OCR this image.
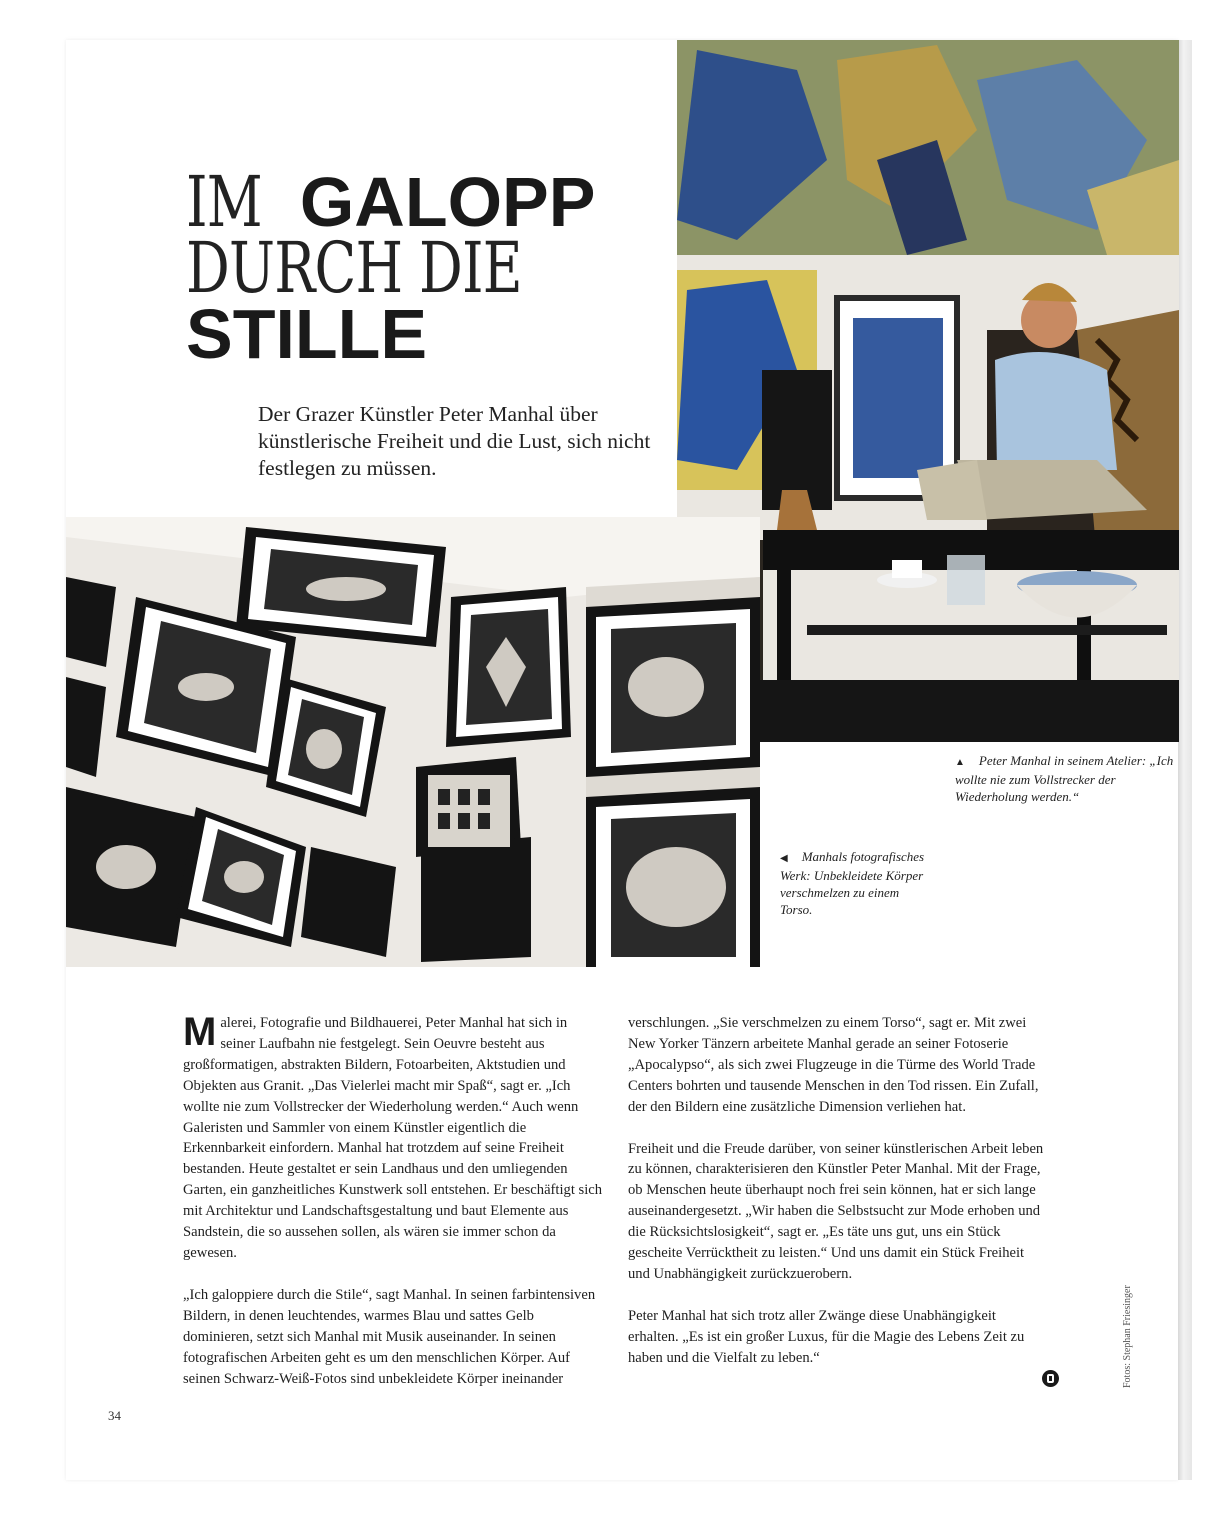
IM GALOPP
DURCH DIE
STILLE

Der Grazer Künstler Peter Manhal über künstlerische Freiheit und die Lust, sich nicht festlegen zu müssen.

▲ Peter Manhal in seinem Atelier: „Ich wollte nie zum Vollstrecker der Wiederholung werden.“

◀ Manhals fotografisches Werk: Unbekleidete Körper verschmelzen zu einem Torso.

Malerei, Fotografie und Bildhauerei, Peter Manhal hat sich in seiner Laufbahn nie festgelegt. Sein Oeuvre besteht aus großformatigen, abstrakten Bildern, Fotoarbeiten, Aktstudien und Objekten aus Granit. „Das Vielerlei macht mir Spaß“, sagt er. „Ich wollte nie zum Vollstrecker der Wiederholung werden.“ Auch wenn Galeristen und Sammler von einem Künstler eigentlich die Erkennbarkeit einfordern. Manhal hat trotzdem auf seine Freiheit bestanden. Heute gestaltet er sein Landhaus und den umliegenden Garten, ein ganzheitliches Kunstwerk soll entstehen. Er beschäftigt sich mit Architektur und Landschaftsgestaltung und baut Elemente aus Sandstein, die so aussehen sollen, als wären sie immer schon da gewesen.

„Ich galoppiere durch die Stile“, sagt Manhal. In seinen farbintensiven Bildern, in denen leuchtendes, warmes Blau und sattes Gelb dominieren, setzt sich Manhal mit Musik auseinander. In seinen fotografischen Arbeiten geht es um den menschlichen Körper. Auf seinen Schwarz-Weiß-Fotos sind unbekleidete Körper ineinander

verschlungen. „Sie verschmelzen zu einem Torso“, sagt er. Mit zwei New Yorker Tänzern arbeitete Manhal gerade an seiner Fotoserie „Apocalypso“, als sich zwei Flugzeuge in die Türme des World Trade Centers bohrten und tausende Menschen in den Tod rissen. Ein Zufall, der den Bildern eine zusätzliche Dimension verliehen hat.

Freiheit und die Freude darüber, von seiner künstlerischen Arbeit leben zu können, charakterisieren den Künstler Peter Manhal. Mit der Frage, ob Menschen heute überhaupt noch frei sein können, hat er sich lange auseinandergesetzt. „Wir haben die Selbstsucht zur Mode erhoben und die Rücksichtslosigkeit“, sagt er. „Es täte uns gut, uns ein Stück gescheite Verrücktheit zu leisten.“ Und uns damit ein Stück Freiheit und Unabhängigkeit zurückzuerobern.

Peter Manhal hat sich trotz aller Zwänge diese Unabhängigkeit erhalten. „Es ist ein großer Luxus, für die Magie des Lebens Zeit zu haben und die Vielfalt zu leben.“

34

Fotos: Stephan Friesinger
